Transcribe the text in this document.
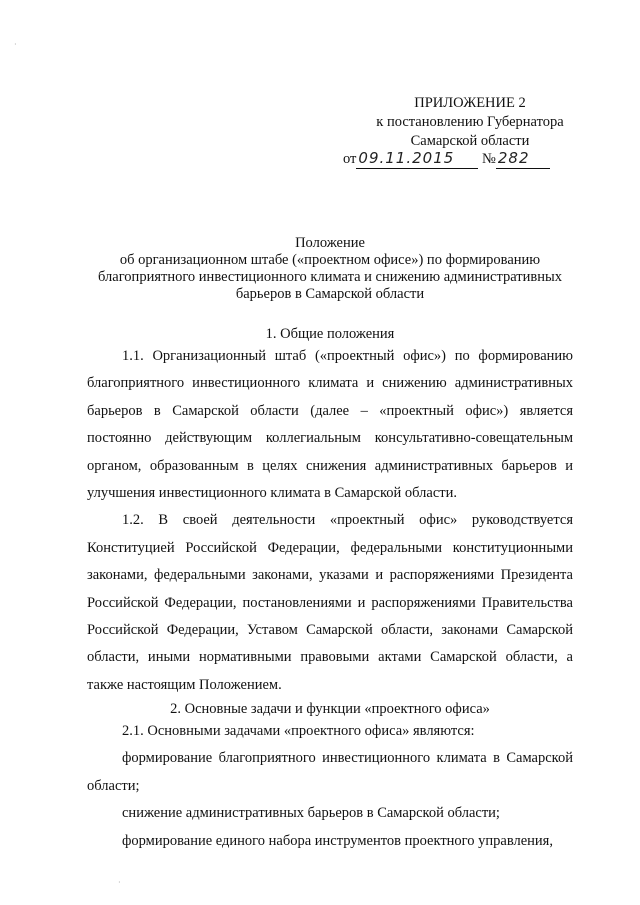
·
·
ПРИЛОЖЕНИЕ 2
к постановлению Губернатора
Самарской области
от 09.11.2015 № 282
Положение
об организационном штабе («проектном офисе») по формированию
благоприятного инвестиционного климата и снижению административных
барьеров в Самарской области
1. Общие положения

1.1. Организационный штаб («проектный офис») по формированию благоприятного инвестиционного климата и снижению административных барьеров в Самарской области (далее – «проектный офис») является постоянно действующим коллегиальным консультативно-совещательным органом, образованным в целях снижения административных барьеров и улучшения инвестиционного климата в Самарской области.

1.2. В своей деятельности «проектный офис» руководствуется Конституцией Российской Федерации, федеральными конституционными законами, федеральными законами, указами и распоряжениями Президента Российской Федерации, постановлениями и распоряжениями Правительства Российской Федерации, Уставом Самарской области, законами Самарской области, иными нормативными правовыми актами Самарской области, а также настоящим Положением.

2. Основные задачи и функции «проектного офиса»

2.1. Основными задачами «проектного офиса» являются:

формирование благоприятного инвестиционного климата в Самарской области;

снижение административных барьеров в Самарской области;

формирование единого набора инструментов проектного управления,
